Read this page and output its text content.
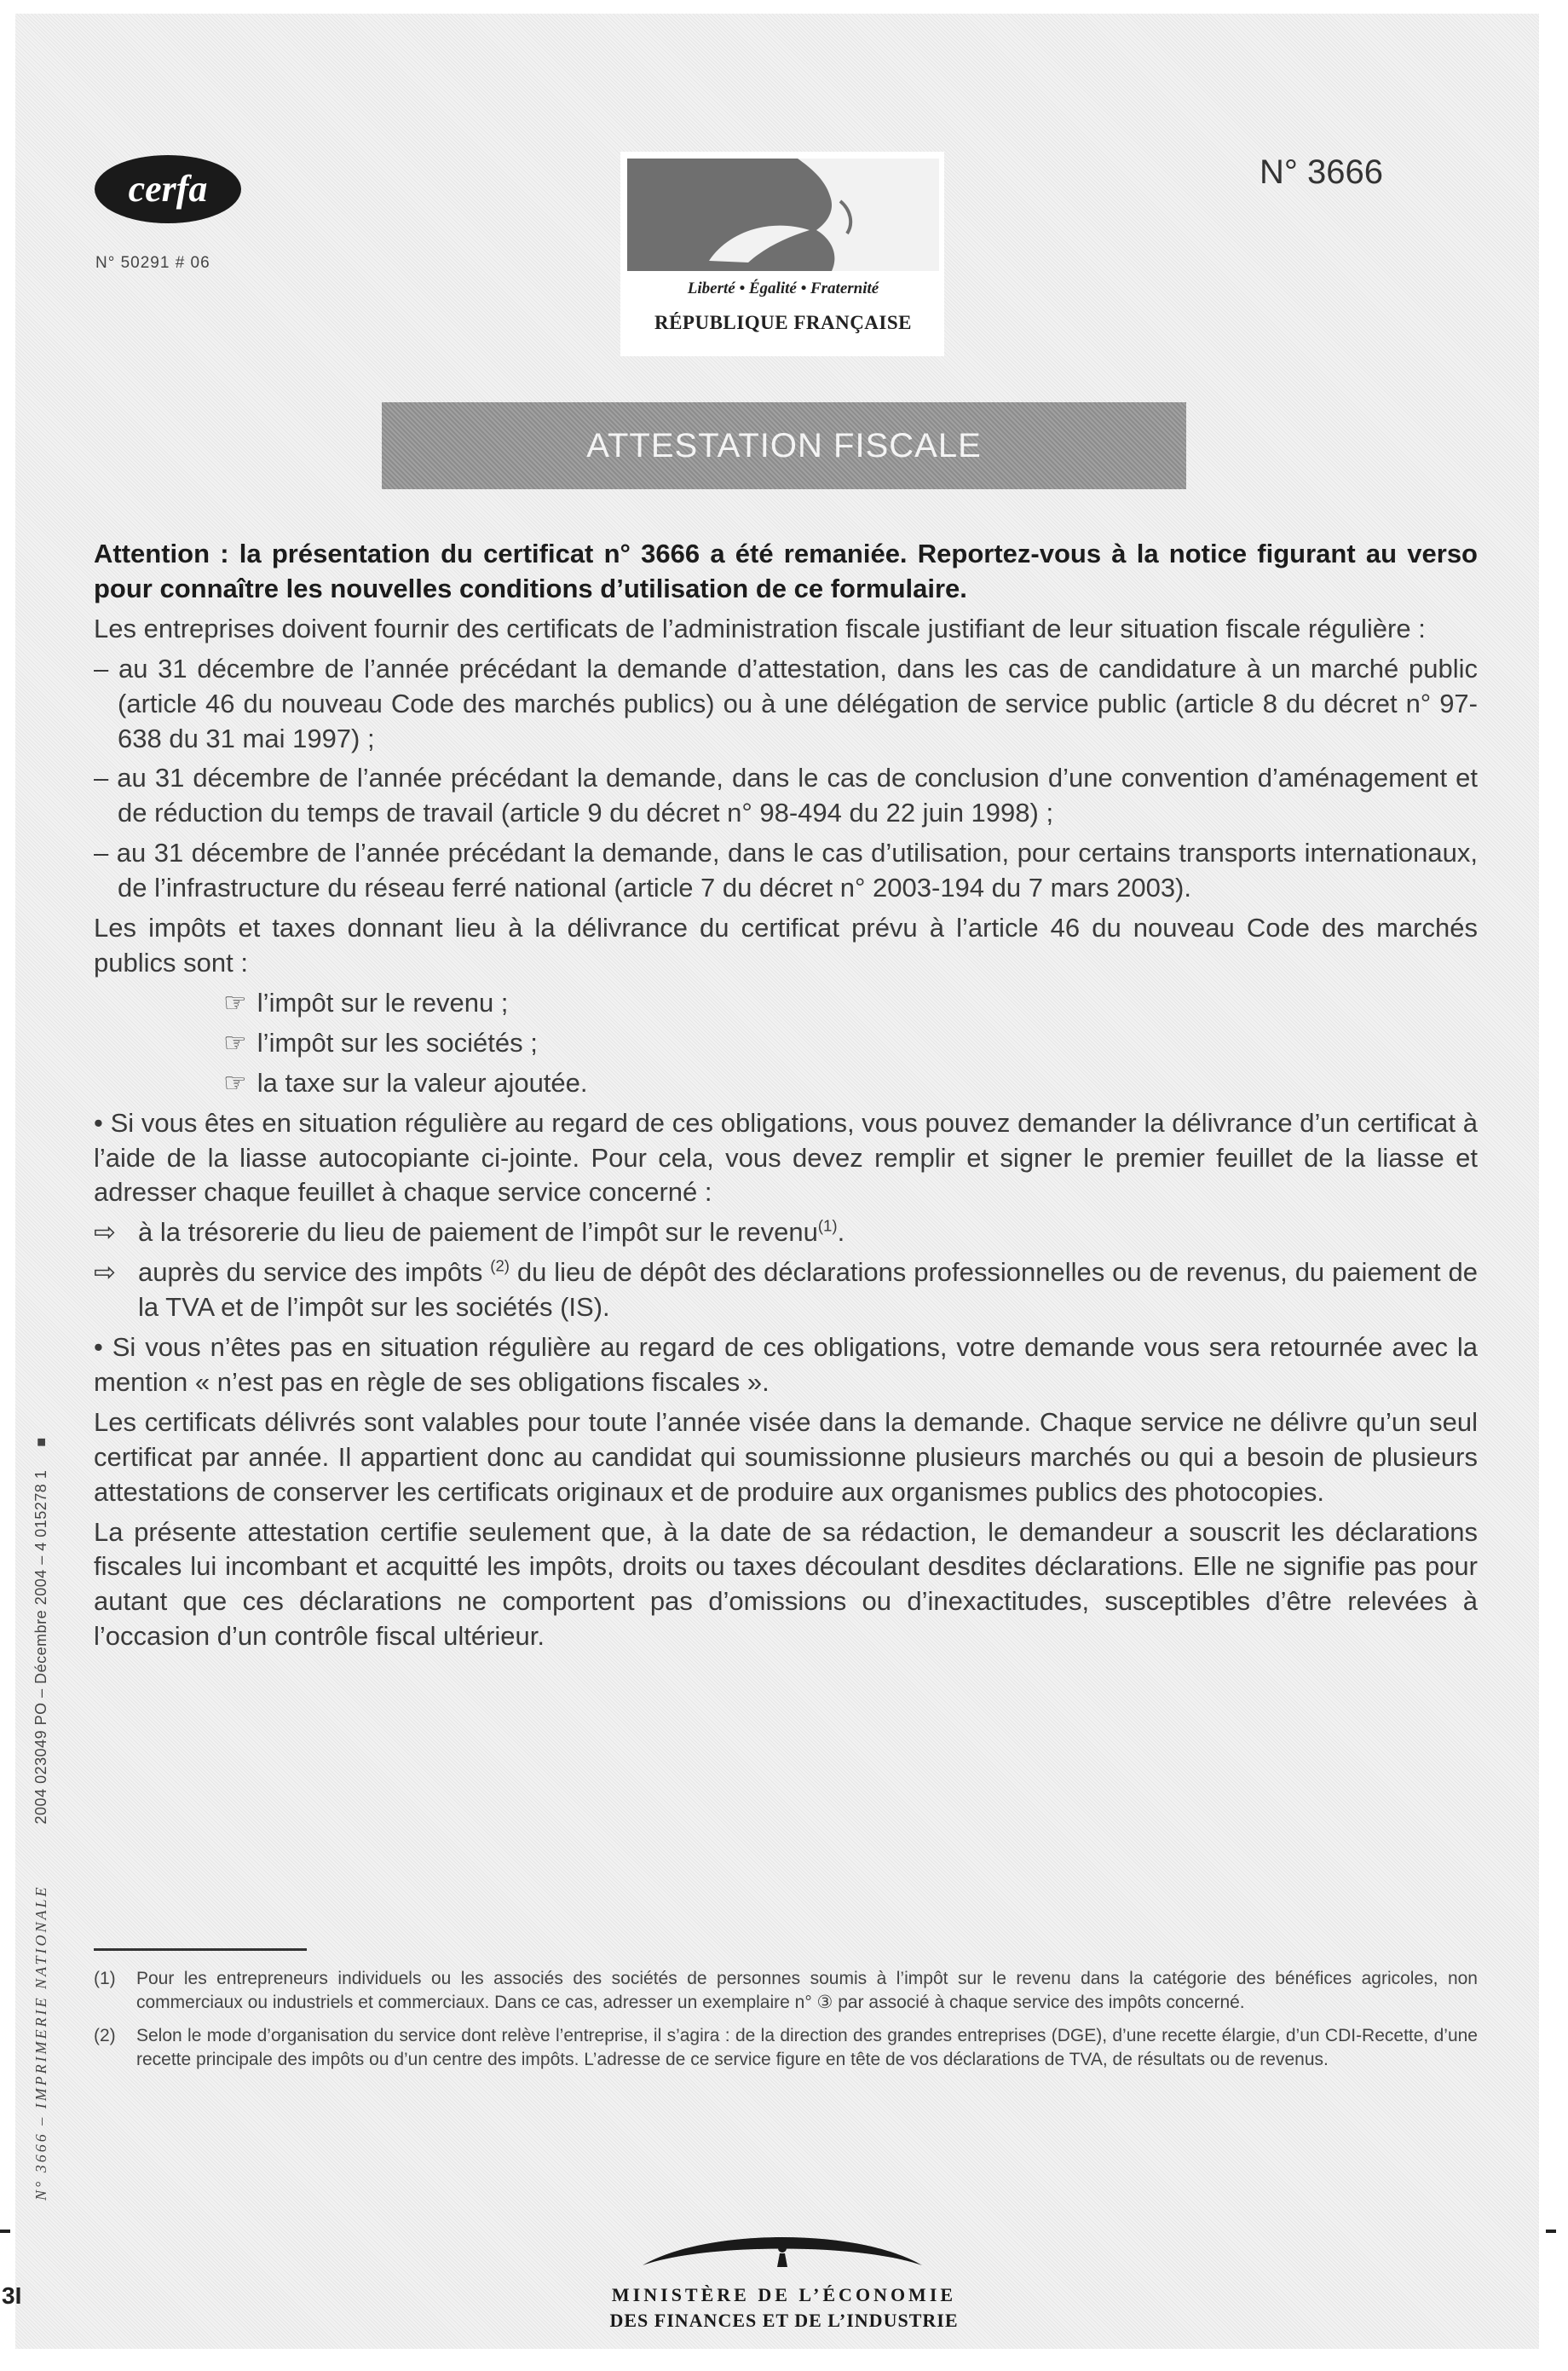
cerfa
N° 50291 # 06
N° 3666
Liberté • Égalité • Fraternité
RÉPUBLIQUE FRANÇAISE
ATTESTATION FISCALE

Attention : la présentation du certificat n° 3666 a été remaniée. Reportez-vous à la notice figurant au verso pour connaître les nouvelles conditions d’utilisation de ce formulaire.

Les entreprises doivent fournir des certificats de l’administration fiscale justifiant de leur situation fiscale régulière :

– au 31 décembre de l’année précédant la demande d’attestation, dans les cas de candidature à un marché public (article 46 du nouveau Code des marchés publics) ou à une délégation de service public (article 8 du décret n° 97-638 du 31 mai 1997) ;

– au 31 décembre de l’année précédant la demande, dans le cas de conclusion d’une convention d’aménagement et de réduction du temps de travail (article 9 du décret n° 98-494 du 22 juin 1998) ;

– au 31 décembre de l’année précédant la demande, dans le cas d’utilisation, pour certains transports internationaux, de l’infrastructure du réseau ferré national (article 7 du décret n° 2003-194 du 7 mars 2003).

Les impôts et taxes donnant lieu à la délivrance du certificat prévu à l’article 46 du nouveau Code des marchés publics sont :

☞ l’impôt sur le revenu ;

☞ l’impôt sur les sociétés ;

☞ la taxe sur la valeur ajoutée.

• Si vous êtes en situation régulière au regard de ces obligations, vous pouvez demander la délivrance d’un certificat à l’aide de la liasse autocopiante ci-jointe. Pour cela, vous devez remplir et signer le premier feuillet de la liasse et adresser chaque feuillet à chaque service concerné :

⇨ à la trésorerie du lieu de paiement de l’impôt sur le revenu$^{(1)}$.

⇨ auprès du service des impôts $^{(2)}$ du lieu de dépôt des déclarations professionnelles ou de revenus, du paiement de la TVA et de l’impôt sur les sociétés (IS).

• Si vous n’êtes pas en situation régulière au regard de ces obligations, votre demande vous sera retournée avec la mention « n’est pas en règle de ses obligations fiscales ».

Les certificats délivrés sont valables pour toute l’année visée dans la demande. Chaque service ne délivre qu’un seul certificat par année. Il appartient donc au candidat qui soumissionne plusieurs marchés ou qui a besoin de plusieurs attestations de conserver les certificats originaux et de produire aux organismes publics des photocopies.

La présente attestation certifie seulement que, à la date de sa rédaction, le demandeur a souscrit les déclarations fiscales lui incombant et acquitté les impôts, droits ou taxes découlant desdites déclarations. Elle ne signifie pas pour autant que ces déclarations ne comportent pas d’omissions ou d’inexactitudes, susceptibles d’être relevées à l’occasion d’un contrôle fiscal ultérieur.

(1) Pour les entrepreneurs individuels ou les associés des sociétés de personnes soumis à l’impôt sur le revenu dans la catégorie des bénéfices agricoles, non commerciaux ou industriels et commerciaux. Dans ce cas, adresser un exemplaire n° ③ par associé à chaque service des impôts concerné.

(2) Selon le mode d’organisation du service dont relève l’entreprise, il s’agira : de la direction des grandes entreprises (DGE), d’une recette élargie, d’un CDI-Recette, d’une recette principale des impôts ou d’un centre des impôts. L’adresse de ce service figure en tête de vos déclarations de TVA, de résultats ou de revenus.

N° 3666 – IMPRIMERIE NATIONALE  2004 023049 PO – Décembre 2004 – 4 015278 1  ■
3I	MINISTÈRE DE L’ÉCONOMIE
DES FINANCES ET DE L’INDUSTRIE
